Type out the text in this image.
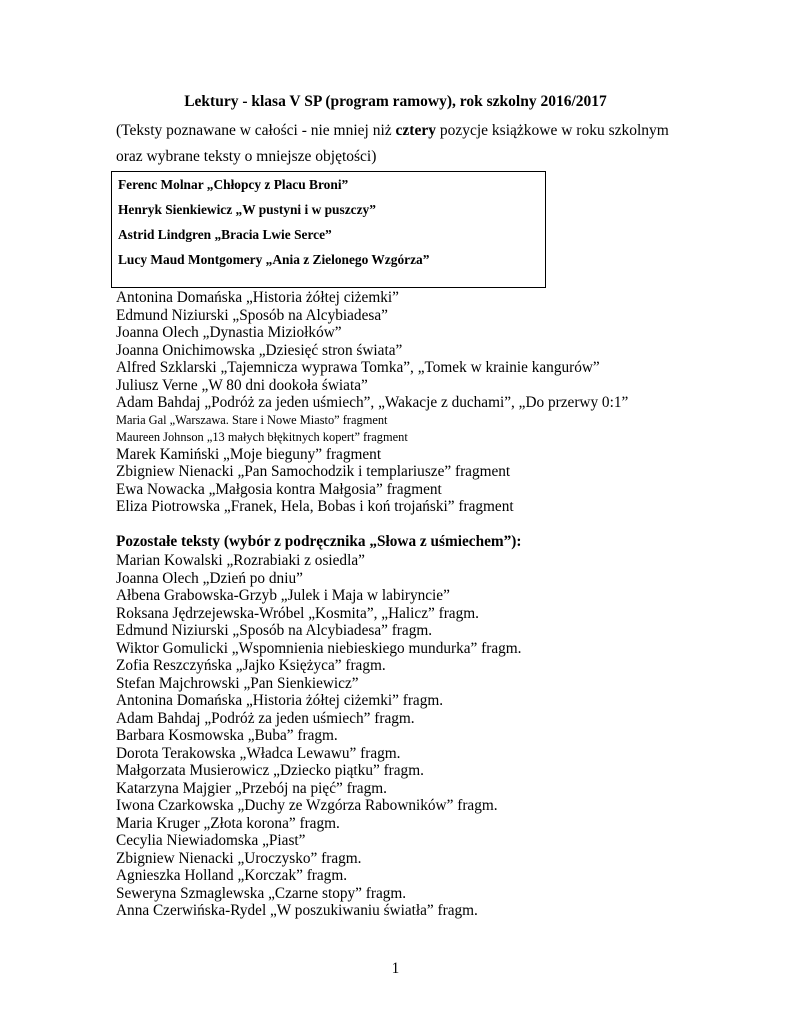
Lektury - klasa V SP (program ramowy), rok szkolny 2016/2017
(Teksty poznawane w całości - nie mniej niż cztery pozycje książkowe w roku szkolnym
oraz wybrane teksty o mniejsze objętości)
Ferenc Molnar „Chłopcy z Placu Broni”
Henryk Sienkiewicz „W pustyni i w puszczy”
Astrid Lindgren „Bracia Lwie Serce”
Lucy Maud Montgomery „Ania z Zielonego Wzgórza”
Antonina Domańska „Historia żółtej ciżemki”
Edmund Niziurski „Sposób na Alcybiadesa”
Joanna Olech „Dynastia Miziołków”
Joanna Onichimowska „Dziesięć stron świata”
Alfred Szklarski „Tajemnicza wyprawa Tomka”, „Tomek w krainie kangurów”
Juliusz Verne „W 80 dni dookoła świata”
Adam Bahdaj „Podróż za jeden uśmiech”, „Wakacje z duchami”, „Do przerwy 0:1”
Maria Gal „Warszawa. Stare i Nowe Miasto” fragment
Maureen Johnson „13 małych błękitnych kopert” fragment
Marek Kamiński „Moje bieguny” fragment
Zbigniew Nienacki „Pan Samochodzik i templariusze” fragment
Ewa Nowacka „Małgosia kontra Małgosia” fragment
Eliza Piotrowska „Franek, Hela, Bobas i koń trojański” fragment
Pozostałe teksty (wybór z podręcznika „Słowa z uśmiechem”):
Marian Kowalski „Rozrabiaki z osiedla”
Joanna Olech „Dzień po dniu”
Ałbena Grabowska-Grzyb „Julek i Maja w labiryncie”
Roksana Jędrzejewska-Wróbel „Kosmita”, „Halicz” fragm.
Edmund Niziurski „Sposób na Alcybiadesa” fragm.
Wiktor Gomulicki „Wspomnienia niebieskiego mundurka” fragm.
Zofia Reszczyńska „Jajko Księżyca” fragm.
Stefan Majchrowski „Pan Sienkiewicz”
Antonina Domańska „Historia żółtej ciżemki” fragm.
Adam Bahdaj „Podróż za jeden uśmiech” fragm.
Barbara Kosmowska „Buba” fragm.
Dorota Terakowska „Władca Lewawu” fragm.
Małgorzata Musierowicz „Dziecko piątku” fragm.
Katarzyna Majgier „Przebój na pięć” fragm.
Iwona Czarkowska „Duchy ze Wzgórza Rabowników” fragm.
Maria Kruger „Złota korona” fragm.
Cecylia Niewiadomska „Piast”
Zbigniew Nienacki „Uroczysko” fragm.
Agnieszka Holland „Korczak” fragm.
Seweryna Szmaglewska „Czarne stopy” fragm.
Anna Czerwińska-Rydel „W poszukiwaniu światła” fragm.
1
